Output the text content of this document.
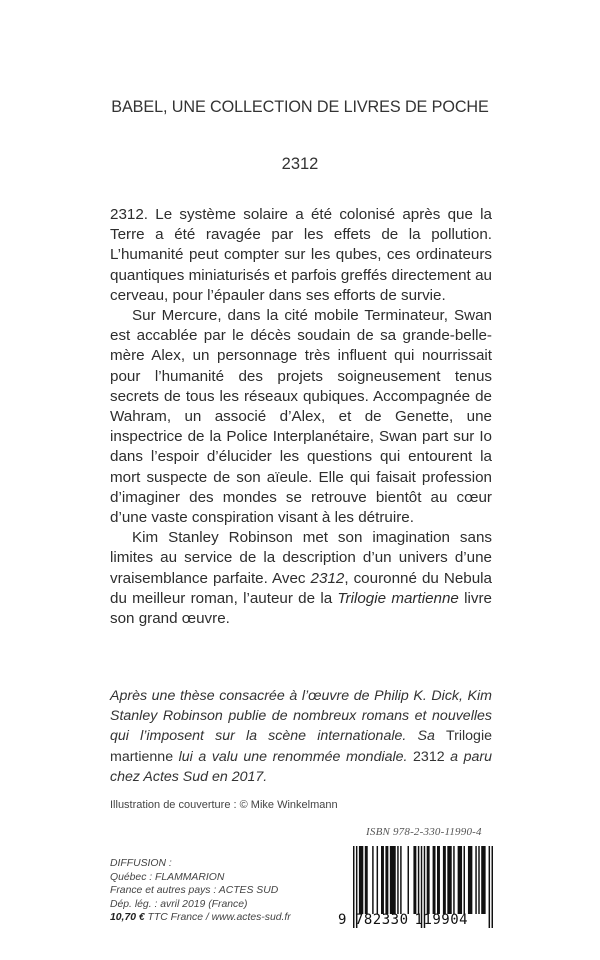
BABEL, UNE COLLECTION DE LIVRES DE POCHE
2312

2312. Le système solaire a été colonisé après que la Terre a été ravagée par les effets de la pollution. L’humanité peut compter sur les qubes, ces ordinateurs quantiques miniaturisés et parfois greffés directement au cerveau, pour l’épauler dans ses efforts de survie.

Sur Mercure, dans la cité mobile Terminateur, Swan est accablée par le décès soudain de sa grande-belle-mère Alex, un personnage très influent qui nourrissait pour l’humanité des projets soigneusement tenus secrets de tous les réseaux qubiques. Accompagnée de Wahram, un associé d’Alex, et de Genette, une inspectrice de la Police Interplanétaire, Swan part sur Io dans l’espoir d’élucider les questions qui entourent la mort suspecte de son aïeule. Elle qui faisait profession d’imaginer des mondes se retrouve bientôt au cœur d’une vaste conspiration visant à les détruire.

Kim Stanley Robinson met son imagination sans limites au service de la description d’un univers d’une vraisemblance parfaite. Avec 2312, couronné du Nebula du meilleur roman, l’auteur de la Trilogie martienne livre son grand œuvre.

Après une thèse consacrée à l’œuvre de Philip K. Dick, Kim Stanley Robinson publie de nombreux romans et nouvelles qui l’imposent sur la scène internationale. Sa Trilogie martienne lui a valu une renommée mondiale. 2312 a paru chez Actes Sud en 2017.
Illustration de couverture : © Mike Winkelmann
DIFFUSION :
Québec : FLAMMARION
France et autres pays : ACTES SUD
Dép. lég. : avril 2019 (France)
10,70 € TTC France / www.actes-sud.fr
ISBN 978-2-330-11990-4
9 782330 119904
